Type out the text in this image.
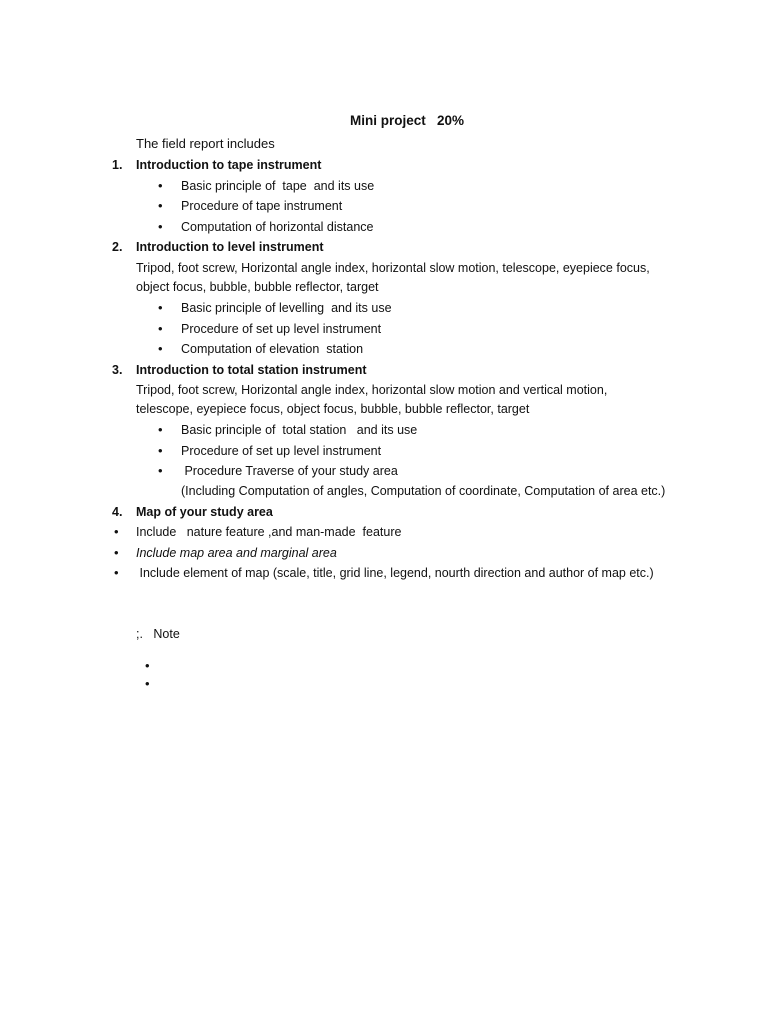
Mini project   20%
The field report includes
1. Introduction to tape instrument
• Basic principle of  tape  and its use
• Procedure of tape instrument
• Computation of horizontal distance
2. Introduction to level instrument
Tripod, foot screw, Horizontal angle index, horizontal slow motion, telescope, eyepiece focus,
object focus, bubble, bubble reflector, target
• Basic principle of levelling  and its use
• Procedure of set up level instrument
• Computation of elevation  station
3. Introduction to total station instrument
Tripod, foot screw, Horizontal angle index, horizontal slow motion and vertical motion,
telescope, eyepiece focus, object focus, bubble, bubble reflector, target
• Basic principle of  total station   and its use
• Procedure of set up level instrument
• Procedure Traverse of your study area
(Including Computation of angles, Computation of coordinate, Computation of area etc.)
4. Map of your study area
• Include   nature feature ,and man-made  feature
• Include map area and marginal area
• Include element of map (scale, title, grid line, legend, nourth direction and author of map etc.)
;.   Note
•
•
